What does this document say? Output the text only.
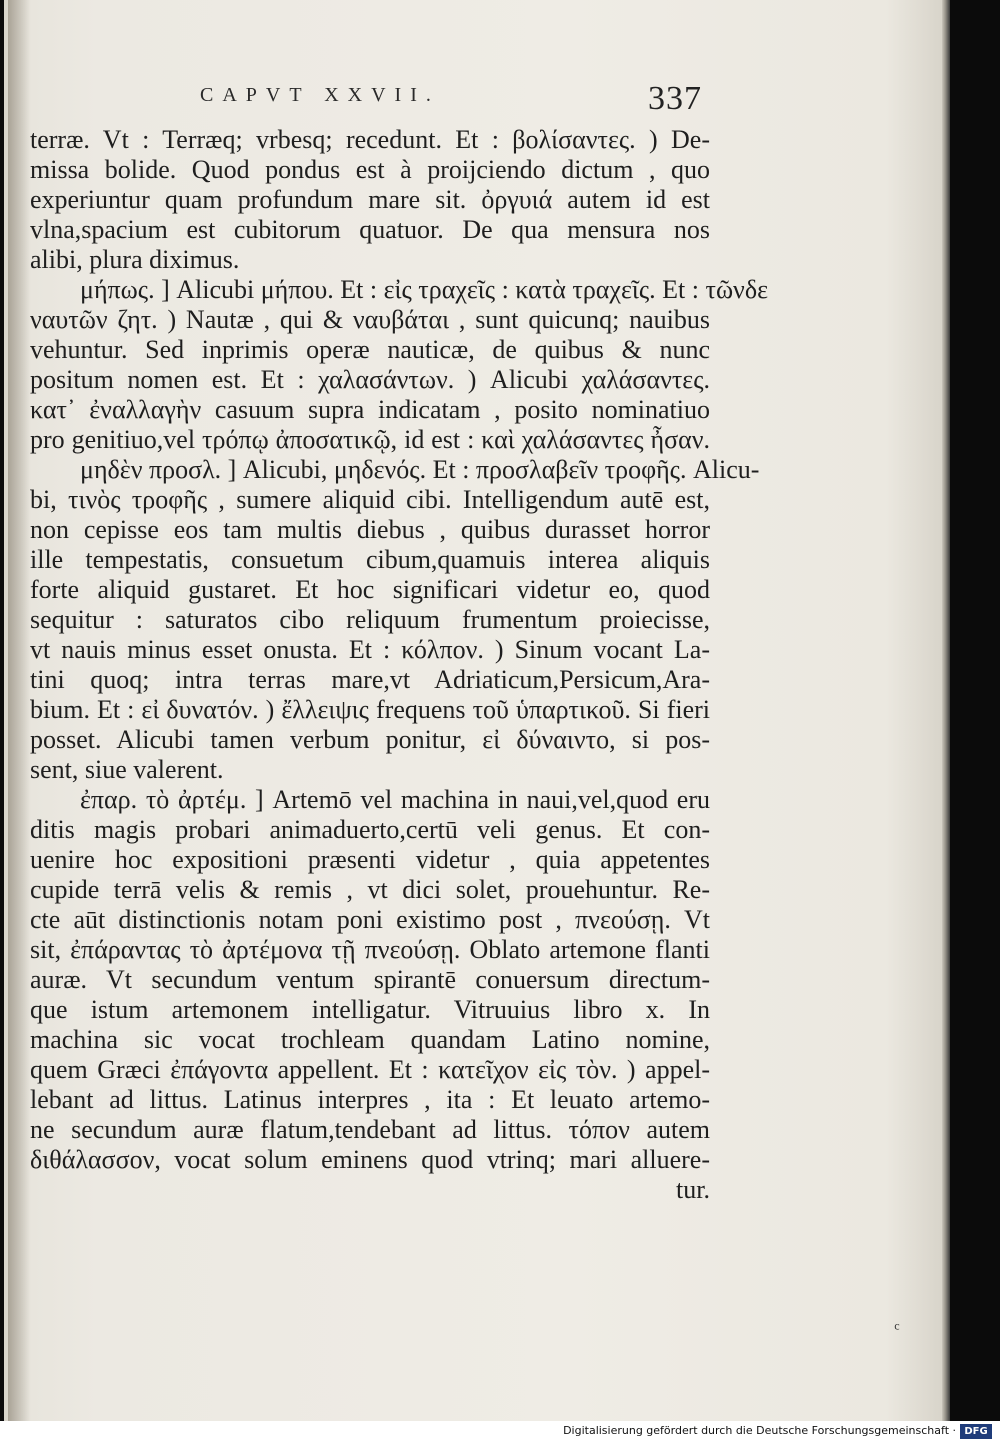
CAPVT XXVII.	337
terræ. Vt : Terræq; vrbesq; recedunt. Et : βολίσαντες. ) De-
missa bolide. Quod pondus est à proijciendo dictum , quo
experiuntur quam profundum mare sit. ὀργυιά autem id est
vlna,spacium est cubitorum quatuor. De qua mensura nos
alibi, plura diximus.
μήπως. ] Alicubi μήπου. Et : εἰς τραχεῖς : κατὰ τραχεῖς. Et : τῶνδε
ναυτῶν ζητ. ) Nautæ , qui & ναυβάται , sunt quicunq; nauibus
vehuntur. Sed inprimis operæ nauticæ, de quibus & nunc
positum nomen est. Et : χαλασάντων. ) Alicubi χαλάσαντες.
κατ᾽ ἐναλλαγὴν casuum supra indicatam , posito nominatiuo
pro genitiuo,vel τρόπῳ ἀποσατικῷ, id est : καὶ χαλάσαντες ἦσαν.
μηδὲν προσλ. ] Alicubi, μηδενός. Et : προσλαβεῖν τροφῆς. Alicu-
bi, τινὸς τροφῆς , sumere aliquid cibi. Intelligendum autē est,
non cepisse eos tam multis diebus , quibus durasset horror
ille tempestatis, consuetum cibum,quamuis interea aliquis
forte aliquid gustaret. Et hoc significari videtur eo, quod
sequitur : saturatos cibo reliquum frumentum proiecisse,
vt nauis minus esset onusta. Et : κόλπον. ) Sinum vocant La-
tini quoq; intra terras mare,vt Adriaticum,Persicum,Ara-
bium. Et : εἰ δυνατόν. ) ἔλλειψις frequens τοῦ ὑπαρτικοῦ. Si fieri
posset. Alicubi tamen verbum ponitur, εἰ δύναιντο, si pos-
sent, siue valerent.
ἐπαρ. τὸ ἀρτέμ. ] Artemō vel machina in naui,vel,quod eru
ditis magis probari animaduerto,certū veli genus. Et con-
uenire hoc expositioni præsenti videtur , quia appetentes
cupide terrā velis & remis , vt dici solet, prouehuntur. Re-
cte aūt distinctionis notam poni existimo post , πνεούσῃ. Vt
sit, ἐπάραντας τὸ ἀρτέμονα τῇ πνεούσῃ. Oblato artemone flanti
auræ. Vt secundum ventum spirantē conuersum directum-
que istum artemonem intelligatur. Vitruuius libro x. In
machina sic vocat trochleam quandam Latino nomine,
quem Græci ἐπάγοντα appellent. Et : κατεῖχον εἰς τὸν. ) appel-
lebant ad littus. Latinus interpres , ita : Et leuato artemo-
ne secundum auræ flatum,tendebant ad littus. τόπον autem
διθάλασσον, vocat solum eminens quod vtrinq; mari alluere-
tur.
Digitalisierung gefördert durch die Deutsche Forschungsgemeinschaft · DFG
